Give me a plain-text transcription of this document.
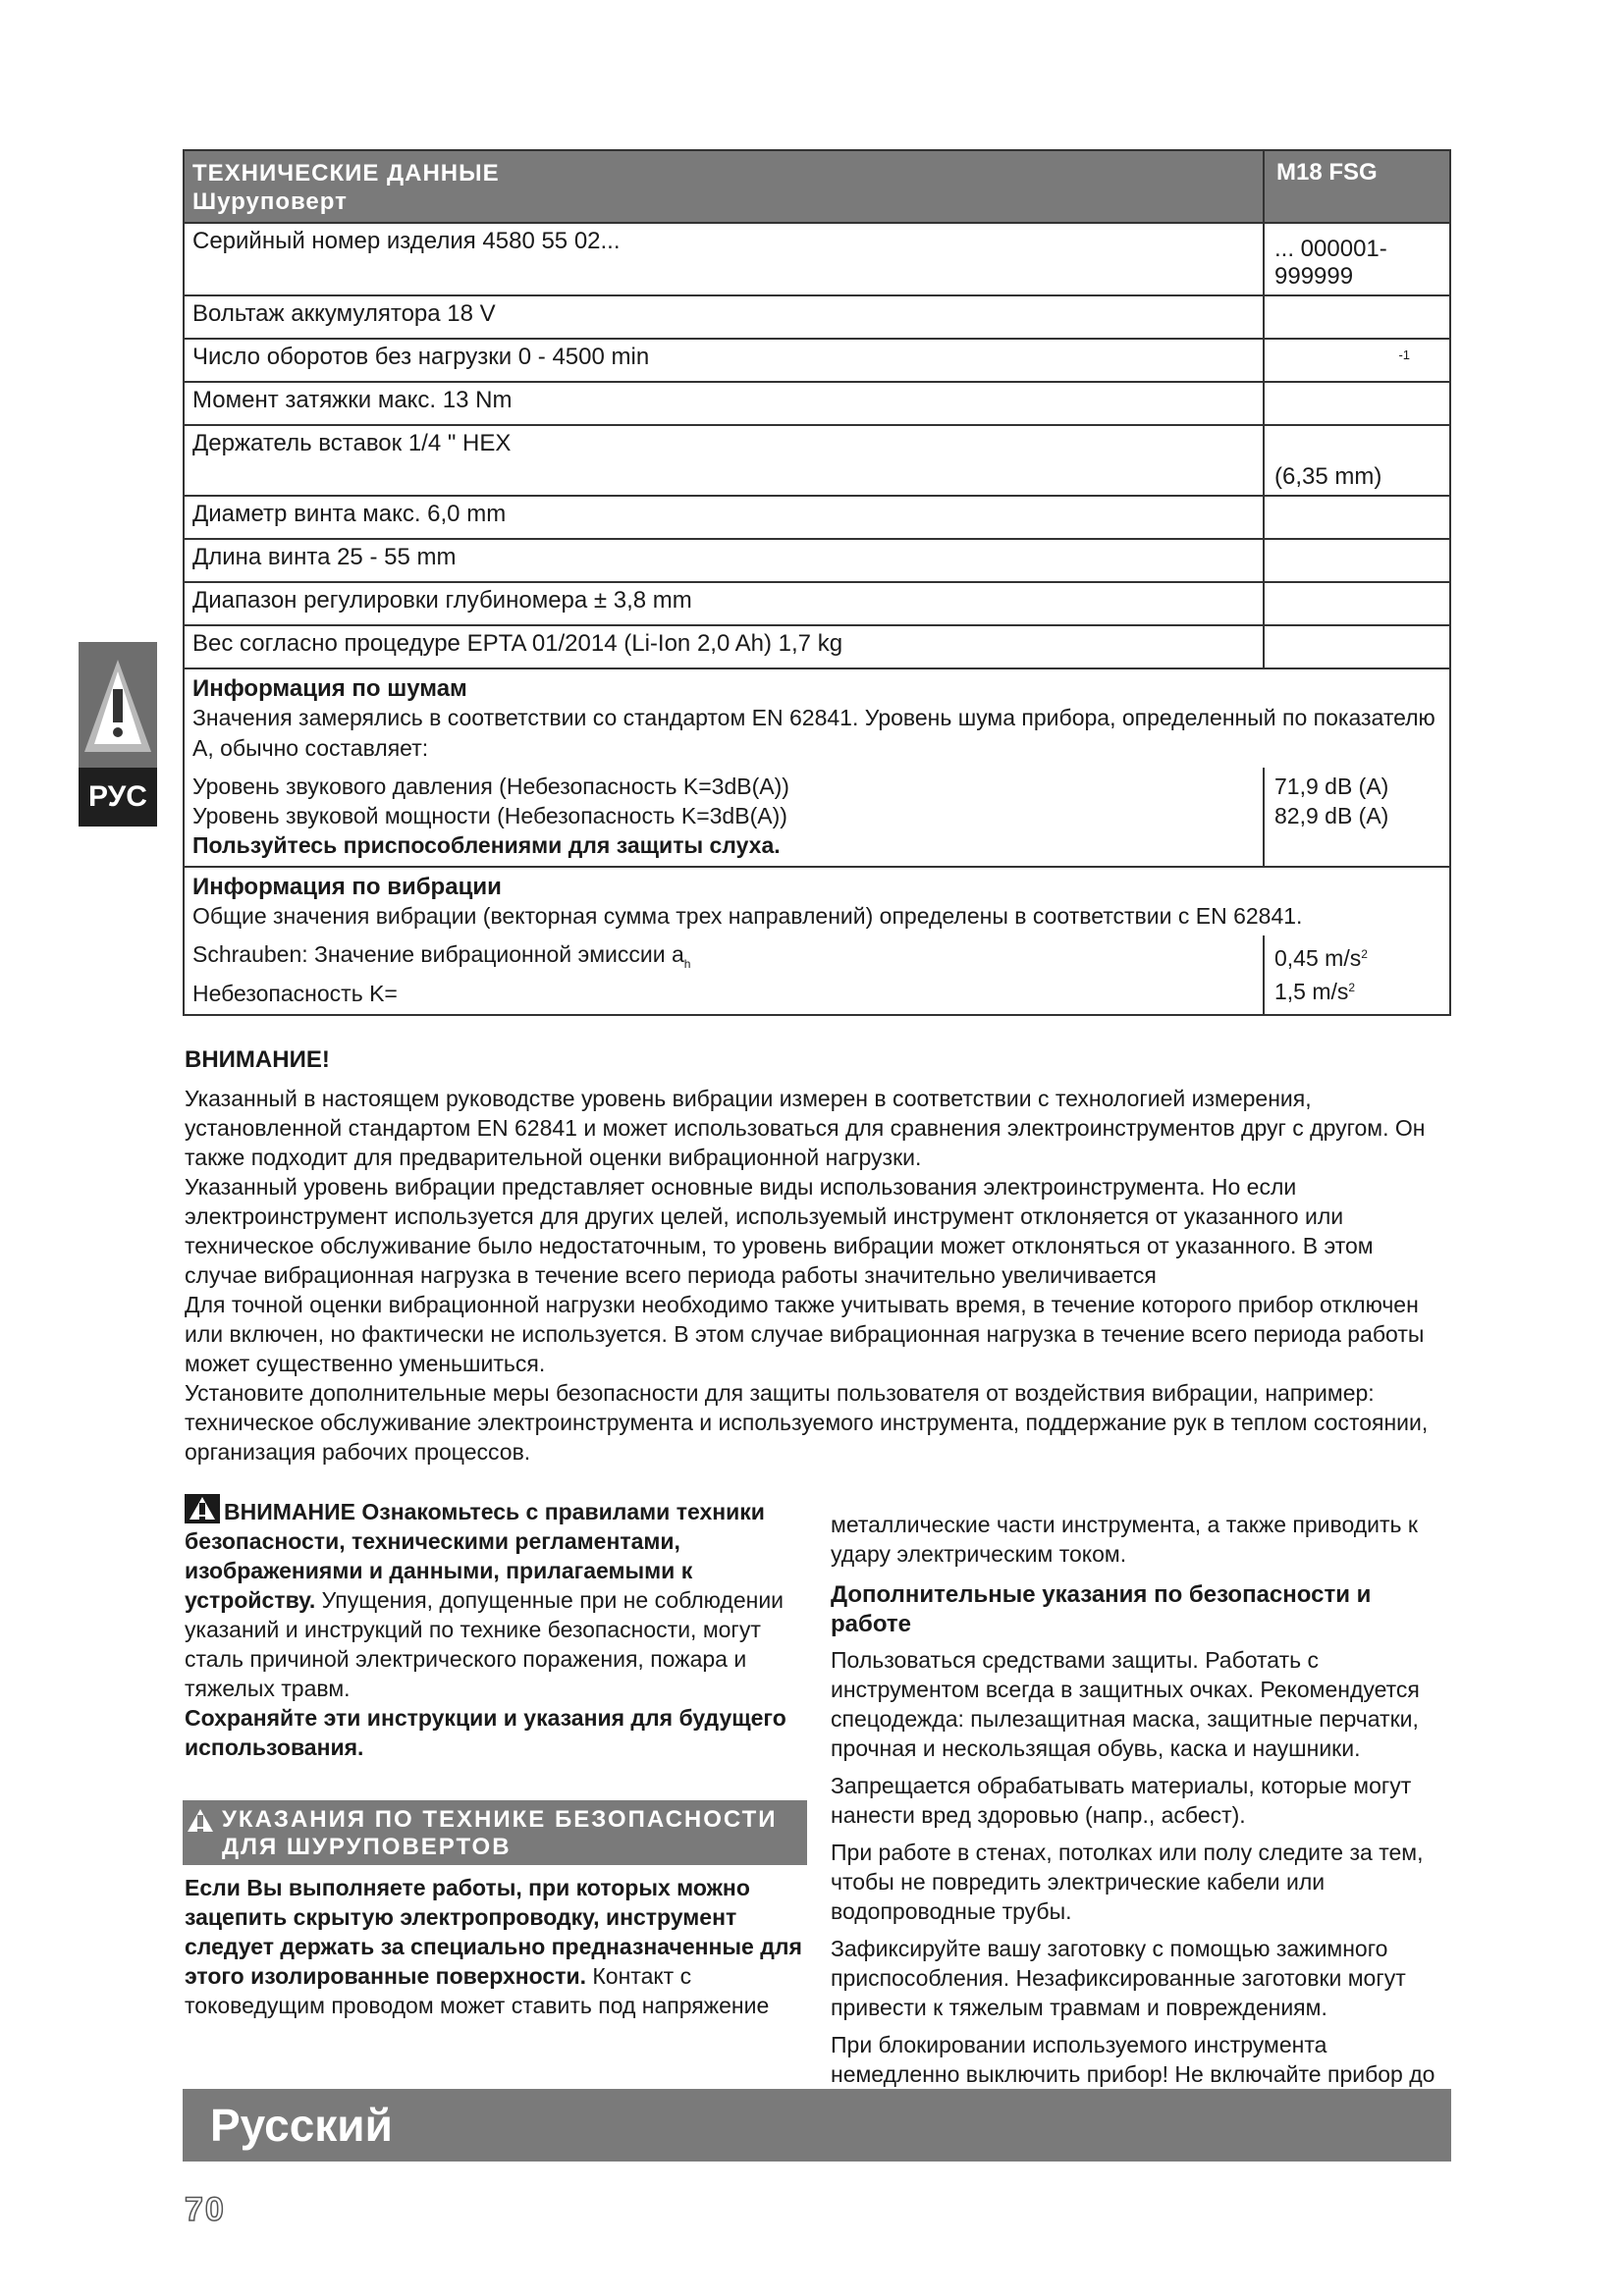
ТЕХНИЧЕСКИЕ ДАННЫЕ
Шуруповерт
M18 FSG
Серийный номер изделия 4580 55 02...	... 000001-999999
Вольтаж аккумулятора 18 V
Число оборотов без нагрузки 0 - 4500 min	-1
Момент затяжки макс. 13 Nm
Держатель вставок 1/4 " HEX
(6,35 mm)
Диаметр винта макс. 6,0 mm
Длина винта 25 - 55 mm
Диапазон регулировки глубиномера ± 3,8 mm
Вес согласно процедуре EPTA 01/2014 (Li-Ion 2,0 Ah) 1,7 kg
Информация по шумам
Значения замерялись в соответствии со стандартом EN 62841. Уровень шума прибора, определенный по показателю A, обычно составляет:
Уровень звукового давления (Небезопасность K=3dB(A))
Уровень звуковой мощности (Небезопасность K=3dB(A))
Пользуйтесь приспособлениями для защиты слуха.
71,9 dB (A)
82,9 dB (A)
Информация по вибрации
Общие значения вибрации (векторная сумма трех направлений) определены в соответствии с EN 62841.
Schrauben: Значение вибрационной эмиссии $a_h$
Небезопасность K=
0,45 $m/s^2$
1,5 $m/s^2$
РУС
ВНИМАНИЕ!
Указанный в настоящем руководстве уровень вибрации измерен в соответствии с технологией измерения, установленной стандартом EN 62841 и может использоваться для сравнения электроинструментов друг с другом. Он также подходит для предварительной оценки вибрационной нагрузки.
Указанный уровень вибрации представляет основные виды использования электроинструмента. Но если электроинструмент используется для других целей, используемый инструмент отклоняется от указанного или техническое обслуживание было недостаточным, то уровень вибрации может отклоняться от указанного. В этом случае вибрационная нагрузка в течение всего периода работы значительно увеличивается
Для точной оценки вибрационной нагрузки необходимо также учитывать время, в течение которого прибор отключен или включен, но фактически не используется. В этом случае вибрационная нагрузка в течение всего периода работы может существенно уменьшиться.
Установите дополнительные меры безопасности для защиты пользователя от воздействия вибрации, например: техническое обслуживание электроинструмента и используемого инструмента, поддержание рук в теплом состоянии, организация рабочих процессов.
ВНИМАНИЕ Ознакомьтесь с правилами техники безопасности, техническими регламентами, изображениями и данными, прилагаемыми к устройству. Упущения, допущенные при не соблюдении указаний и инструкций по технике безопасности, могут сталь причиной электрического поражения, пожара и тяжелых травм.
Сохраняйте эти инструкции и указания для будущего использования.
УКАЗАНИЯ ПО ТЕХНИКЕ БЕЗОПАСНОСТИ ДЛЯ ШУРУПОВЕРТОВ
Если Вы выполняете работы, при которых можно зацепить скрытую электропроводку, инструмент следует держать за специально предназначенные для этого изолированные поверхности. Контакт с токоведущим проводом может ставить под напряжение

металлические части инструмента, а также приводить к удару электрическим током.

Дополнительные указания по безопасности и работе

Пользоваться средствами защиты. Работать с инструментом всегда в защитных очках. Рекомендуется спецодежда: пылезащитная маска, защитные перчатки, прочная и нескользящая обувь, каска и наушники.

Запрещается обрабатывать материалы, которые могут нанести вред здоровью (напр., асбест).

При работе в стенах, потолках или полу следите за тем, чтобы не повредить электрические кабели или водопроводные трубы.

Зафиксируйте вашу заготовку с помощью зажимного приспособления. Незафиксированные заготовки могут привести к тяжелым травмам и повреждениям.

При блокировании используемого инструмента немедленно выключить прибор! Не включайте прибор до

Русский
70
